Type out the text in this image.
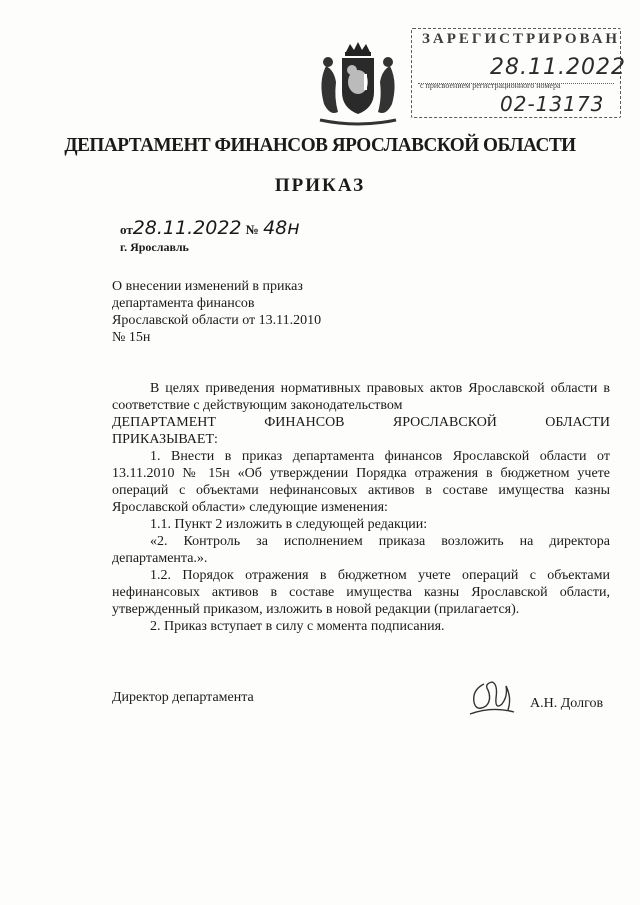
ЗАРЕГИСТРИРОВАН
28.11.2022
с присвоением регистрационного номера
02-13173
ДЕПАРТАМЕНТ ФИНАНСОВ ЯРОСЛАВСКОЙ ОБЛАСТИ
ПРИКАЗ
от28.11.2022 № 48н
г. Ярославль
О внесении изменений в приказ
департамента финансов
Ярославской области от 13.11.2010
№ 15н

В целях приведения нормативных правовых актов Ярославской области в соответствие с действующим законодательством

ДЕПАРТАМЕНТ	ФИНАНСОВ	ЯРОСЛАВСКОЙ	ОБЛАСТИ

ПРИКАЗЫВАЕТ:

1. Внести в приказ департамента финансов Ярославской области от 13.11.2010 № 15н «Об утверждении Порядка отражения в бюджетном учете операций с объектами нефинансовых активов в составе имущества казны Ярославской области» следующие изменения:

1.1. Пункт 2 изложить в следующей редакции:

«2. Контроль за исполнением приказа возложить на директора департамента.».

1.2. Порядок отражения в бюджетном учете операций с объектами нефинансовых активов в составе имущества казны Ярославской области, утвержденный приказом, изложить в новой редакции (прилагается).

2. Приказ вступает в силу с момента подписания.

Директор департамента	А.Н. Долгов
